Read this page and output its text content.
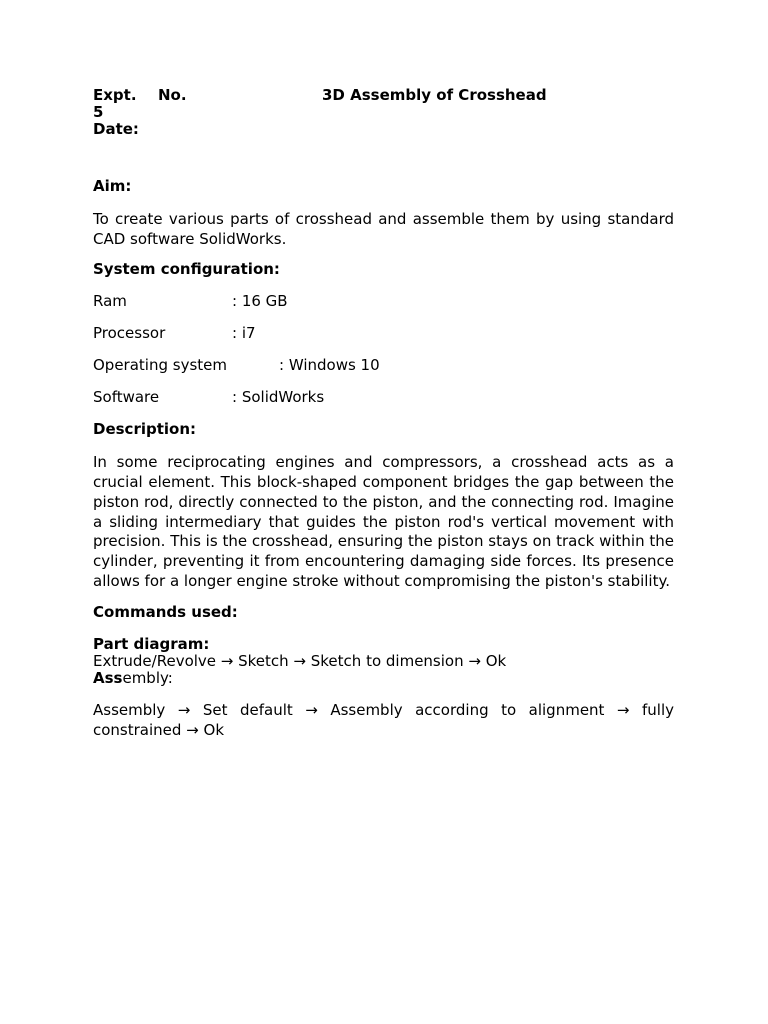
Expt. No.	3D Assembly of Crosshead
5
Date:

Aim:

To create various parts of crosshead and assemble them by using standard CAD software SolidWorks.

System configuration:

Ram	: 16 GB
Processor	: i7
Operating system	: Windows 10
Software	: SolidWorks

Description:

In some reciprocating engines and compressors, a crosshead acts as a crucial element. This block-shaped component bridges the gap between the piston rod, directly connected to the piston, and the connecting rod. Imagine a sliding intermediary that guides the piston rod's vertical movement with precision. This is the crosshead, ensuring the piston stays on track within the cylinder, preventing it from encountering damaging side forces. Its presence allows for a longer engine stroke without compromising the piston's stability.

Commands used:

Part diagram:

Extrude/Revolve → Sketch → Sketch to dimension → Ok

Assembly:

Assembly → Set default → Assembly according to alignment → fully constrained → Ok
